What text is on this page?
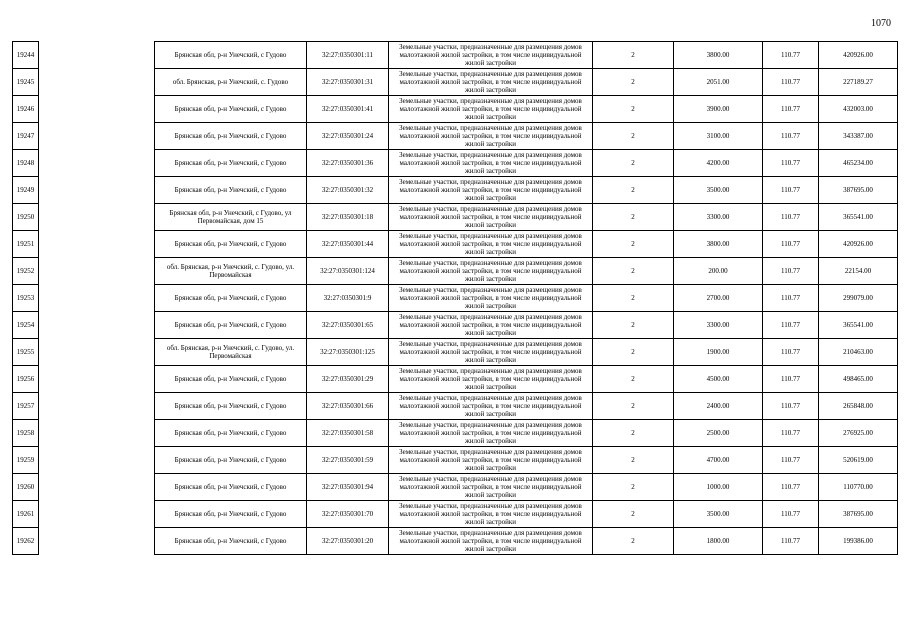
1070
19244		Брянская обл, р-н Унечский, с Гудово	32:27:0350301:11	Земельные участки, предназначенные для размещения домов малоэтажной жилой застройки, в том числе индивидуальной жилой застройки	2	3800.00	110.77	420926.00
19245		обл. Брянская, р-н Унечский, с. Гудово	32:27:0350301:31	Земельные участки, предназначенные для размещения домов малоэтажной жилой застройки, в том числе индивидуальной жилой застройки	2	2051.00	110.77	227189.27
19246		Брянская обл, р-н Унечский, с Гудово	32:27:0350301:41	Земельные участки, предназначенные для размещения домов малоэтажной жилой застройки, в том числе индивидуальной жилой застройки	2	3900.00	110.77	432003.00
19247		Брянская обл, р-н Унечский, с Гудово	32:27:0350301:24	Земельные участки, предназначенные для размещения домов малоэтажной жилой застройки, в том числе индивидуальной жилой застройки	2	3100.00	110.77	343387.00
19248		Брянская обл, р-н Унечский, с Гудово	32:27:0350301:36	Земельные участки, предназначенные для размещения домов малоэтажной жилой застройки, в том числе индивидуальной жилой застройки	2	4200.00	110.77	465234.00
19249		Брянская обл, р-н Унечский, с Гудово	32:27:0350301:32	Земельные участки, предназначенные для размещения домов малоэтажной жилой застройки, в том числе индивидуальной жилой застройки	2	3500.00	110.77	387695.00
19250		Брянская обл, р-н Унечский, с Гудово, ул Первомайская, дом 15	32:27:0350301:18	Земельные участки, предназначенные для размещения домов малоэтажной жилой застройки, в том числе индивидуальной жилой застройки	2	3300.00	110.77	365541.00
19251		Брянская обл, р-н Унечский, с Гудово	32:27:0350301:44	Земельные участки, предназначенные для размещения домов малоэтажной жилой застройки, в том числе индивидуальной жилой застройки	2	3800.00	110.77	420926.00
19252		обл. Брянская, р-н Унечский, с. Гудово, ул. Первомайская	32:27:0350301:124	Земельные участки, предназначенные для размещения домов малоэтажной жилой застройки, в том числе индивидуальной жилой застройки	2	200.00	110.77	22154.00
19253		Брянская обл, р-н Унечский, с Гудово	32:27:0350301:9	Земельные участки, предназначенные для размещения домов малоэтажной жилой застройки, в том числе индивидуальной жилой застройки	2	2700.00	110.77	299079.00
19254		Брянская обл, р-н Унечский, с Гудово	32:27:0350301:65	Земельные участки, предназначенные для размещения домов малоэтажной жилой застройки, в том числе индивидуальной жилой застройки	2	3300.00	110.77	365541.00
19255		обл. Брянская, р-н Унечский, с. Гудово, ул. Первомайская	32:27:0350301:125	Земельные участки, предназначенные для размещения домов малоэтажной жилой застройки, в том числе индивидуальной жилой застройки	2	1900.00	110.77	210463.00
19256		Брянская обл, р-н Унечский, с Гудово	32:27:0350301:29	Земельные участки, предназначенные для размещения домов малоэтажной жилой застройки, в том числе индивидуальной жилой застройки	2	4500.00	110.77	498465.00
19257		Брянская обл, р-н Унечский, с Гудово	32:27:0350301:66	Земельные участки, предназначенные для размещения домов малоэтажной жилой застройки, в том числе индивидуальной жилой застройки	2	2400.00	110.77	265848.00
19258		Брянская обл, р-н Унечский, с Гудово	32:27:0350301:58	Земельные участки, предназначенные для размещения домов малоэтажной жилой застройки, в том числе индивидуальной жилой застройки	2	2500.00	110.77	276925.00
19259		Брянская обл, р-н Унечский, с Гудово	32:27:0350301:59	Земельные участки, предназначенные для размещения домов малоэтажной жилой застройки, в том числе индивидуальной жилой застройки	2	4700.00	110.77	520619.00
19260		Брянская обл, р-н Унечский, с Гудово	32:27:0350301:94	Земельные участки, предназначенные для размещения домов малоэтажной жилой застройки, в том числе индивидуальной жилой застройки	2	1000.00	110.77	110770.00
19261		Брянская обл, р-н Унечский, с Гудово	32:27:0350301:70	Земельные участки, предназначенные для размещения домов малоэтажной жилой застройки, в том числе индивидуальной жилой застройки	2	3500.00	110.77	387695.00
19262		Брянская обл, р-н Унечский, с Гудово	32:27:0350301:20	Земельные участки, предназначенные для размещения домов малоэтажной жилой застройки, в том числе индивидуальной жилой застройки	2	1800.00	110.77	199386.00
